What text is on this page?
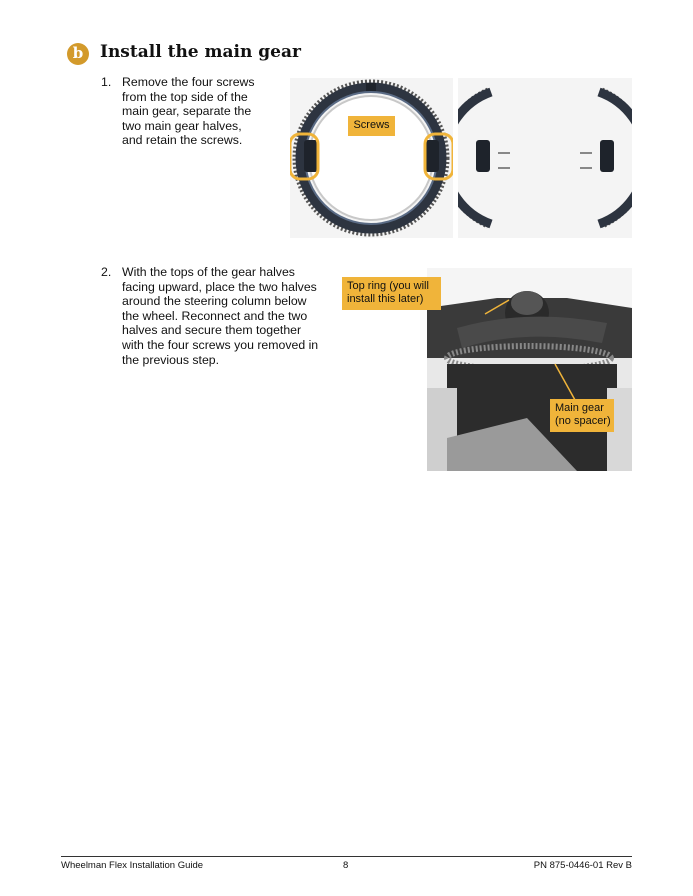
b Install the main gear
1. Remove the four screws
from the top side of the
main gear, separate the
two main gear halves,
and retain the screws.
Screws
2. With the tops of the gear halves
facing upward, place the two halves
around the steering column below
the wheel. Reconnect and the two
halves and secure them together
with the four screws you removed in
the previous step.
Top ring (you will
install this later)
Main gear
(no spacer)
Wheelman Flex Installation Guide	8	PN 875-0446-01 Rev B
